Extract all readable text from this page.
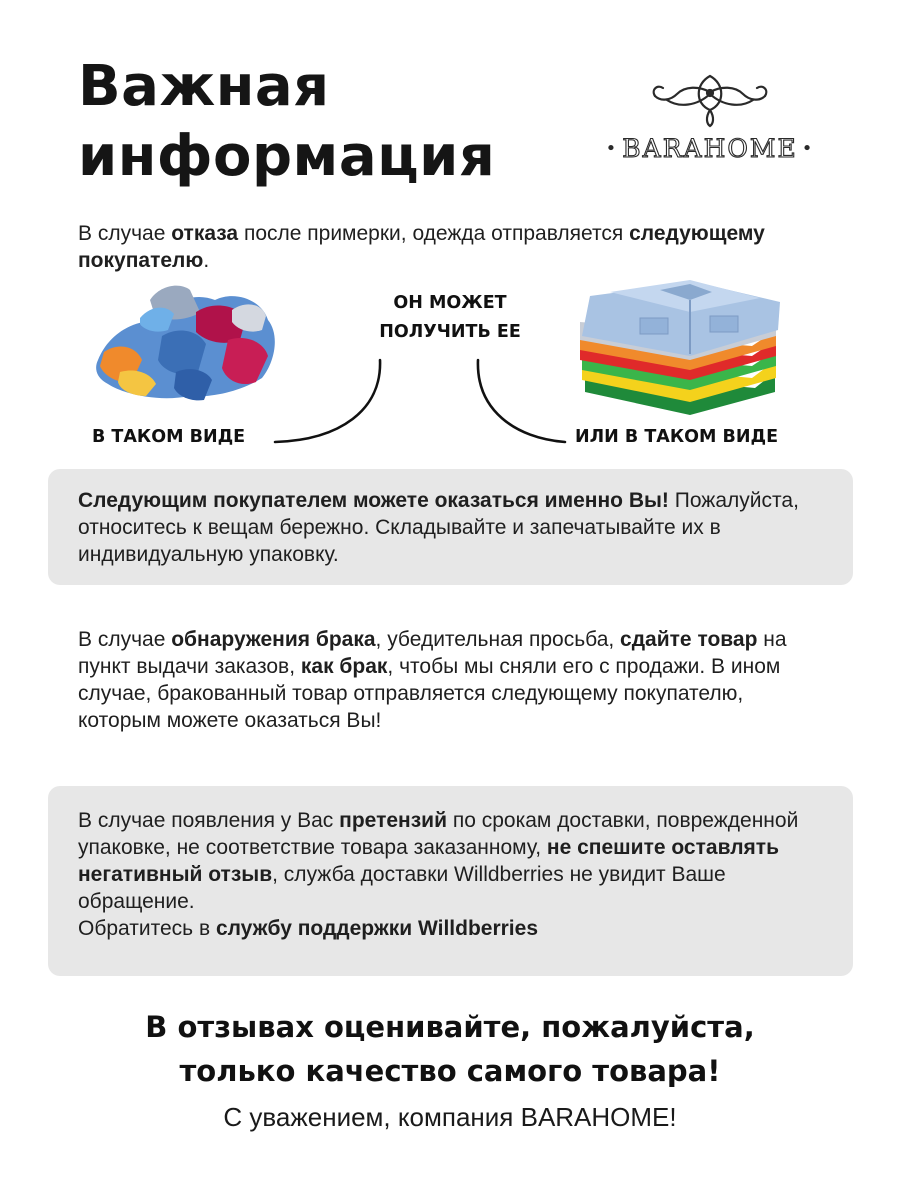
Важная
информация	• BARAHOME •
В случае отказа после примерки, одежда отправляется следующему покупателю.
ОН МОЖЕТ
ПОЛУЧИТЬ ЕЕ
В ТАКОМ ВИДЕ	ИЛИ В ТАКОМ ВИДЕ
Следующим покупателем можете оказаться именно Вы! Пожалуйста, относитесь к вещам бережно. Складывайте и запечатывайте их в индивидуальную упаковку.
В случае обнаружения брака, убедительная просьба, сдайте товар на пункт выдачи заказов, как брак, чтобы мы сняли его с продажи. В ином случае, бракованный товар отправляется следующему покупателю, которым можете оказаться Вы!
В случае появления у Вас претензий по срокам доставки, поврежденной упаковке, не соответствие товара заказанному, не спешите оставлять негативный отзыв, служба доставки Willdberries не увидит Ваше обращение.
Обратитесь в службу поддержки Willdberries
В отзывах оценивайте, пожалуйста,
только качество самого товара!
С уважением, компания BARAHOME!
